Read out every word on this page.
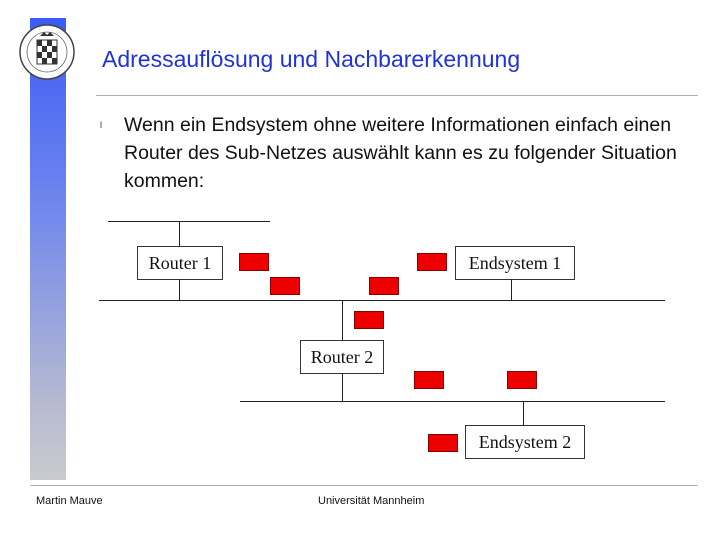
Adressauflösung und Nachbarerkennung
l Wenn ein Endsystem ohne weitere Informationen einfach einen Router des Sub-Netzes auswählt kann es zu folgender Situation kommen:
Router 1	Endsystem 1
Router 2
Endsystem 2
Martin Mauve	Universität Mannheim
